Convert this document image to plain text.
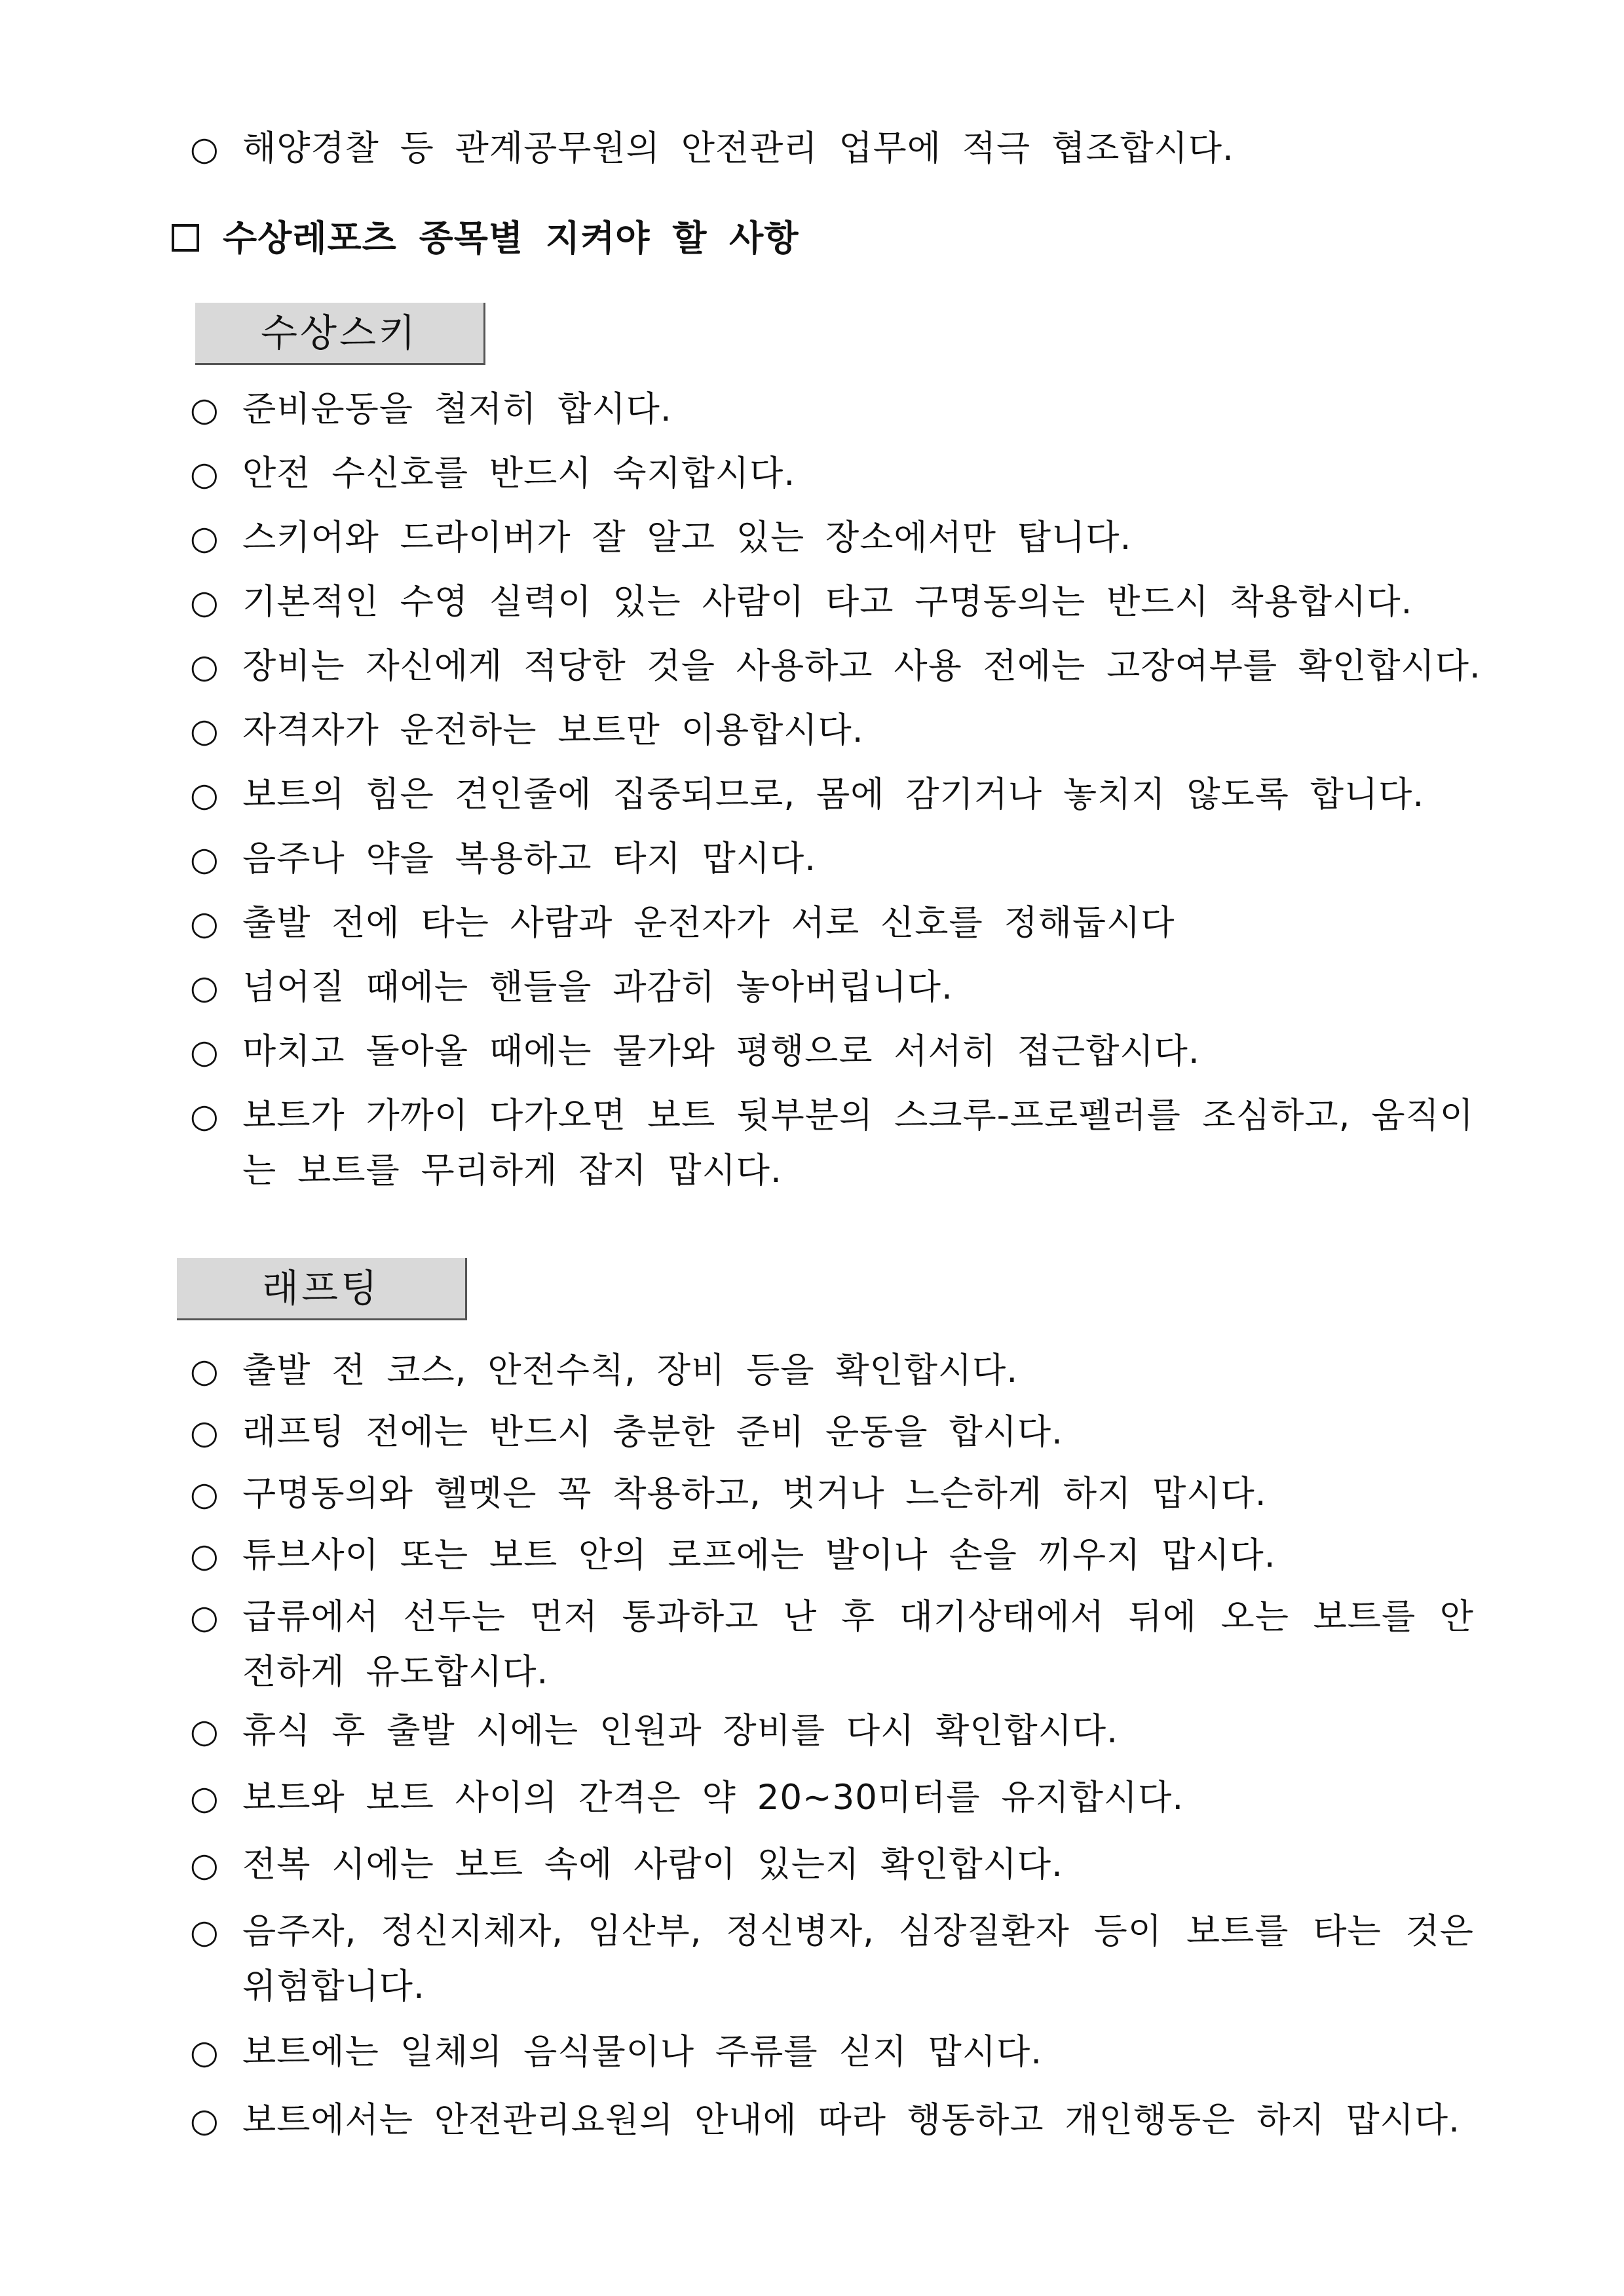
○ 해양경찰 등 관계공무원의 안전관리 업무에 적극 협조합시다.
수상레포츠 종목별 지켜야 할 사항
수상스키
○ 준비운동을 철저히 합시다.
○ 안전 수신호를 반드시 숙지합시다.
○ 스키어와 드라이버가 잘 알고 있는 장소에서만 탑니다.
○ 기본적인 수영 실력이 있는 사람이 타고 구명동의는 반드시 착용합시다.
○ 장비는 자신에게 적당한 것을 사용하고 사용 전에는 고장여부를 확인합시다.
○ 자격자가 운전하는 보트만 이용합시다.
○ 보트의 힘은 견인줄에 집중되므로, 몸에 감기거나 놓치지 않도록 합니다.
○ 음주나 약을 복용하고 타지 맙시다.
○ 출발 전에 타는 사람과 운전자가 서로 신호를 정해둡시다
○ 넘어질 때에는 핸들을 과감히 놓아버립니다.
○ 마치고 돌아올 때에는 물가와 평행으로 서서히 접근합시다.
○ 보트가 가까이 다가오면 보트 뒷부분의 스크루-프로펠러를 조심하고, 움직이는 보트를 무리하게 잡지 맙시다.
래프팅
○ 출발 전 코스, 안전수칙, 장비 등을 확인합시다.
○ 래프팅 전에는 반드시 충분한 준비 운동을 합시다.
○ 구명동의와 헬멧은 꼭 착용하고, 벗거나 느슨하게 하지 맙시다.
○ 튜브사이 또는 보트 안의 로프에는 발이나 손을 끼우지 맙시다.
○ 급류에서 선두는 먼저 통과하고 난 후 대기상태에서 뒤에 오는 보트를 안전하게 유도합시다.
○ 휴식 후 출발 시에는 인원과 장비를 다시 확인합시다.
○ 보트와 보트 사이의 간격은 약 20~30미터를 유지합시다.
○ 전복 시에는 보트 속에 사람이 있는지 확인합시다.
○ 음주자, 정신지체자, 임산부, 정신병자, 심장질환자 등이 보트를 타는 것은 위험합니다.
○ 보트에는 일체의 음식물이나 주류를 싣지 맙시다.
○ 보트에서는 안전관리요원의 안내에 따라 행동하고 개인행동은 하지 맙시다.
